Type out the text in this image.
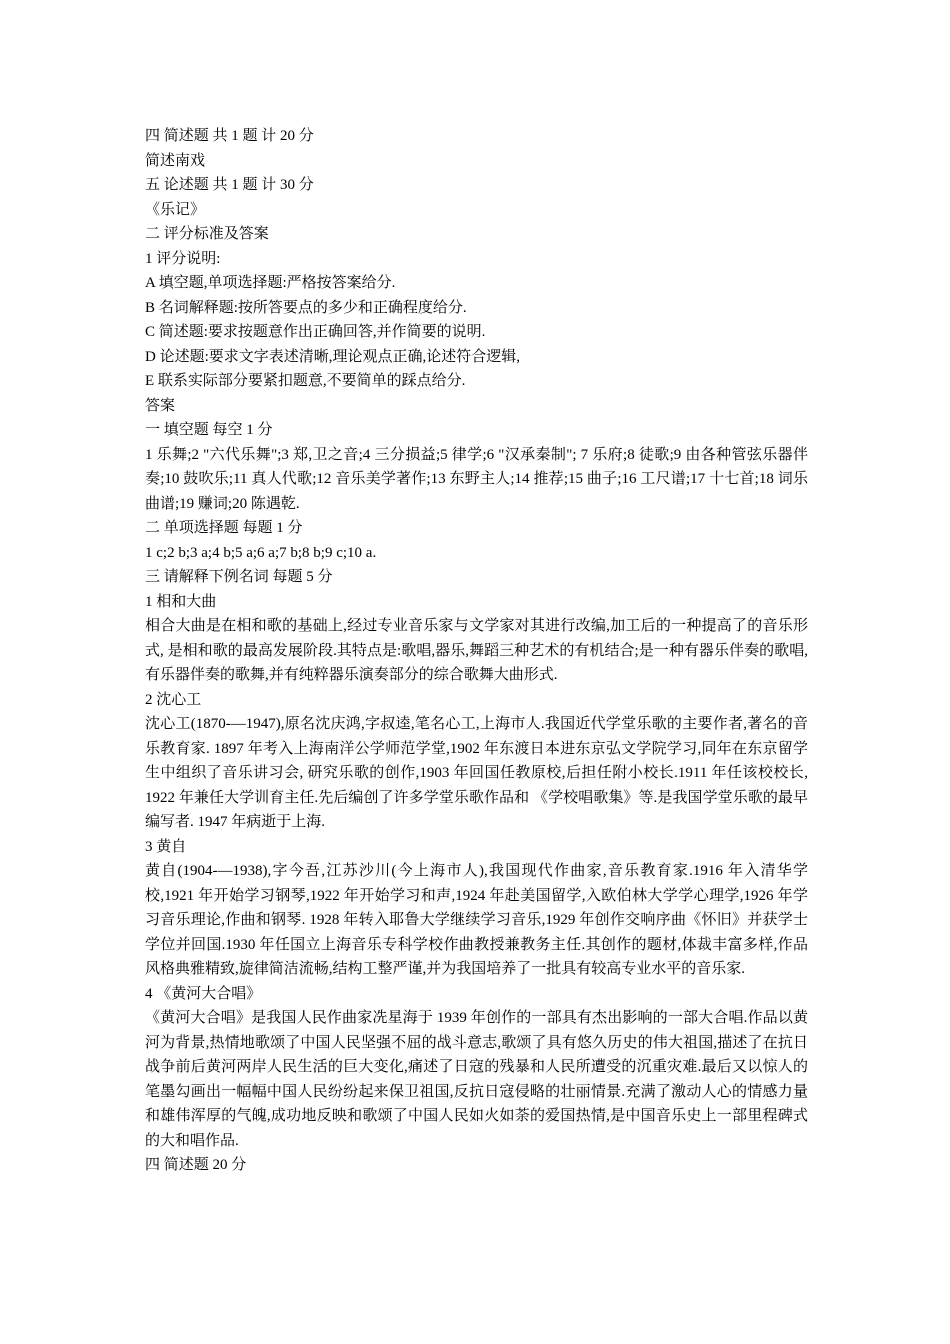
四 简述题 共 1 题 计 20 分

简述南戏

五 论述题 共 1 题 计 30 分

《乐记》

二 评分标准及答案

1 评分说明:

A 填空题,单项选择题:严格按答案给分.

B 名词解释题:按所答要点的多少和正确程度给分.

C 简述题:要求按题意作出正确回答,并作简要的说明.

D 论述题:要求文字表述清晰,理论观点正确,论述符合逻辑,

E 联系实际部分要紧扣题意,不要简单的踩点给分.

答案

一 填空题 每空 1 分

1 乐舞;2 "六代乐舞";3 郑,卫之音;4 三分损益;5 律学;6 "汉承秦制"; 7 乐府;8 徒歌;9 由各种管弦乐器伴奏;10 鼓吹乐;11 真人代歌;12 音乐美学著作;13 东野主人;14 推荐;15 曲子;16 工尺谱;17 十七首;18 词乐曲谱;19 赚词;20 陈遇乾.

二 单项选择题 每题 1 分

1 c;2 b;3 a;4 b;5 a;6 a;7 b;8 b;9 c;10 a.

三 请解释下例名词 每题 5 分

1 相和大曲

相合大曲是在相和歌的基础上,经过专业音乐家与文学家对其进行改编,加工后的一种提高了的音乐形式, 是相和歌的最高发展阶段.其特点是:歌唱,器乐,舞蹈三种艺术的有机结合;是一种有器乐伴奏的歌唱,有乐器伴奏的歌舞,并有纯粹器乐演奏部分的综合歌舞大曲形式.

2 沈心工

沈心工(1870-—1947),原名沈庆鸿,字叔逵,笔名心工,上海市人.我国近代学堂乐歌的主要作者,著名的音乐教育家. 1897 年考入上海南洋公学师范学堂,1902 年东渡日本进东京弘文学院学习,同年在东京留学生中组织了音乐讲习会, 研究乐歌的创作,1903 年回国任教原校,后担任附小校长.1911 年任该校校长, 1922 年兼任大学训育主任.先后编创了许多学堂乐歌作品和 《学校唱歌集》等.是我国学堂乐歌的最早编写者. 1947 年病逝于上海.

3 黄自

黄自(1904-—1938),字今吾,江苏沙川(今上海市人),我国现代作曲家,音乐教育家.1916 年入清华学校,1921 年开始学习钢琴,1922 年开始学习和声,1924 年赴美国留学,入欧伯林大学学心理学,1926 年学习音乐理论,作曲和钢琴. 1928 年转入耶鲁大学继续学习音乐,1929 年创作交响序曲《怀旧》并获学士学位并回国.1930 年任国立上海音乐专科学校作曲教授兼教务主任.其创作的题材,体裁丰富多样,作品风格典雅精致,旋律简洁流畅,结构工整严谨,并为我国培养了一批具有较高专业水平的音乐家.

4 《黄河大合唱》

《黄河大合唱》是我国人民作曲家冼星海于 1939 年创作的一部具有杰出影响的一部大合唱.作品以黄河为背景,热情地歌颂了中国人民坚强不屈的战斗意志,歌颂了具有悠久历史的伟大祖国,描述了在抗日战争前后黄河两岸人民生活的巨大变化,痛述了日寇的残暴和人民所遭受的沉重灾难.最后又以惊人的笔墨勾画出一幅幅中国人民纷纷起来保卫祖国,反抗日寇侵略的壮丽情景.充满了激动人心的情感力量和雄伟浑厚的气魄,成功地反映和歌颂了中国人民如火如荼的爱国热情,是中国音乐史上一部里程碑式的大和唱作品.

四 简述题 20 分
